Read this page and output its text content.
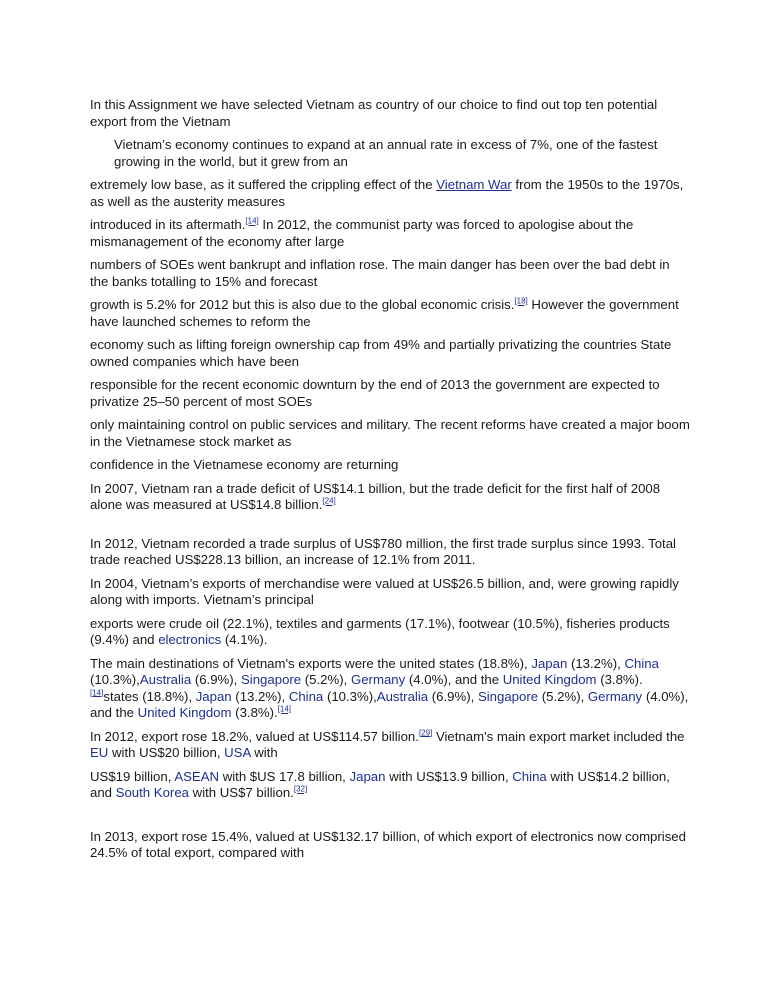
In this Assignment we have selected Vietnam as country of our choice to find out top ten potential export from the Vietnam

Vietnam’s economy continues to expand at an annual rate in excess of 7%, one of the fastest growing in the world, but it grew from an

extremely low base, as it suffered the crippling effect of the Vietnam War from the 1950s to the 1970s, as well as the austerity measures

introduced in its aftermath.[14] In 2012, the communist party was forced to apologise about the mismanagement of the economy after large

numbers of SOEs went bankrupt and inflation rose. The main danger has been over the bad debt in the banks totalling to 15% and forecast

growth is 5.2% for 2012 but this is also due to the global economic crisis.[18] However the government have launched schemes to reform the

economy such as lifting foreign ownership cap from 49% and partially privatizing the countries State owned companies which have been

responsible for the recent economic downturn by the end of 2013 the government are expected to privatize 25–50 percent of most SOEs

only maintaining control on public services and military. The recent reforms have created a major boom in the Vietnamese stock market as

confidence in the Vietnamese economy are returning

In 2007, Vietnam ran a trade deficit of US$14.1 billion, but the trade deficit for the first half of 2008 alone was measured at US$14.8 billion.[24]

In 2012, Vietnam recorded a trade surplus of US$780 million, the first trade surplus since 1993. Total trade reached US$228.13 billion, an increase of 12.1% from 2011.

In 2004, Vietnam’s exports of merchandise were valued at US$26.5 billion, and, were growing rapidly along with imports. Vietnam’s principal

exports were crude oil (22.1%), textiles and garments (17.1%), footwear (10.5%), fisheries products (9.4%) and electronics (4.1%).

The main destinations of Vietnam's exports were the united states (18.8%), Japan (13.2%), China (10.3%),Australia (6.9%), Singapore (5.2%), Germany (4.0%), and the United Kingdom (3.8%).[14]states (18.8%), Japan (13.2%), China (10.3%),Australia (6.9%), Singapore (5.2%), Germany (4.0%), and the United Kingdom (3.8%).[14]

In 2012, export rose 18.2%, valued at US$114.57 billion.[29] Vietnam's main export market included the EU with US$20 billion, USA with

US$19 billion, ASEAN with $US 17.8 billion, Japan with US$13.9 billion, China with US$14.2 billion, and South Korea with US$7 billion.[32]

In 2013, export rose 15.4%, valued at US$132.17 billion, of which export of electronics now comprised 24.5% of total export, compared with
